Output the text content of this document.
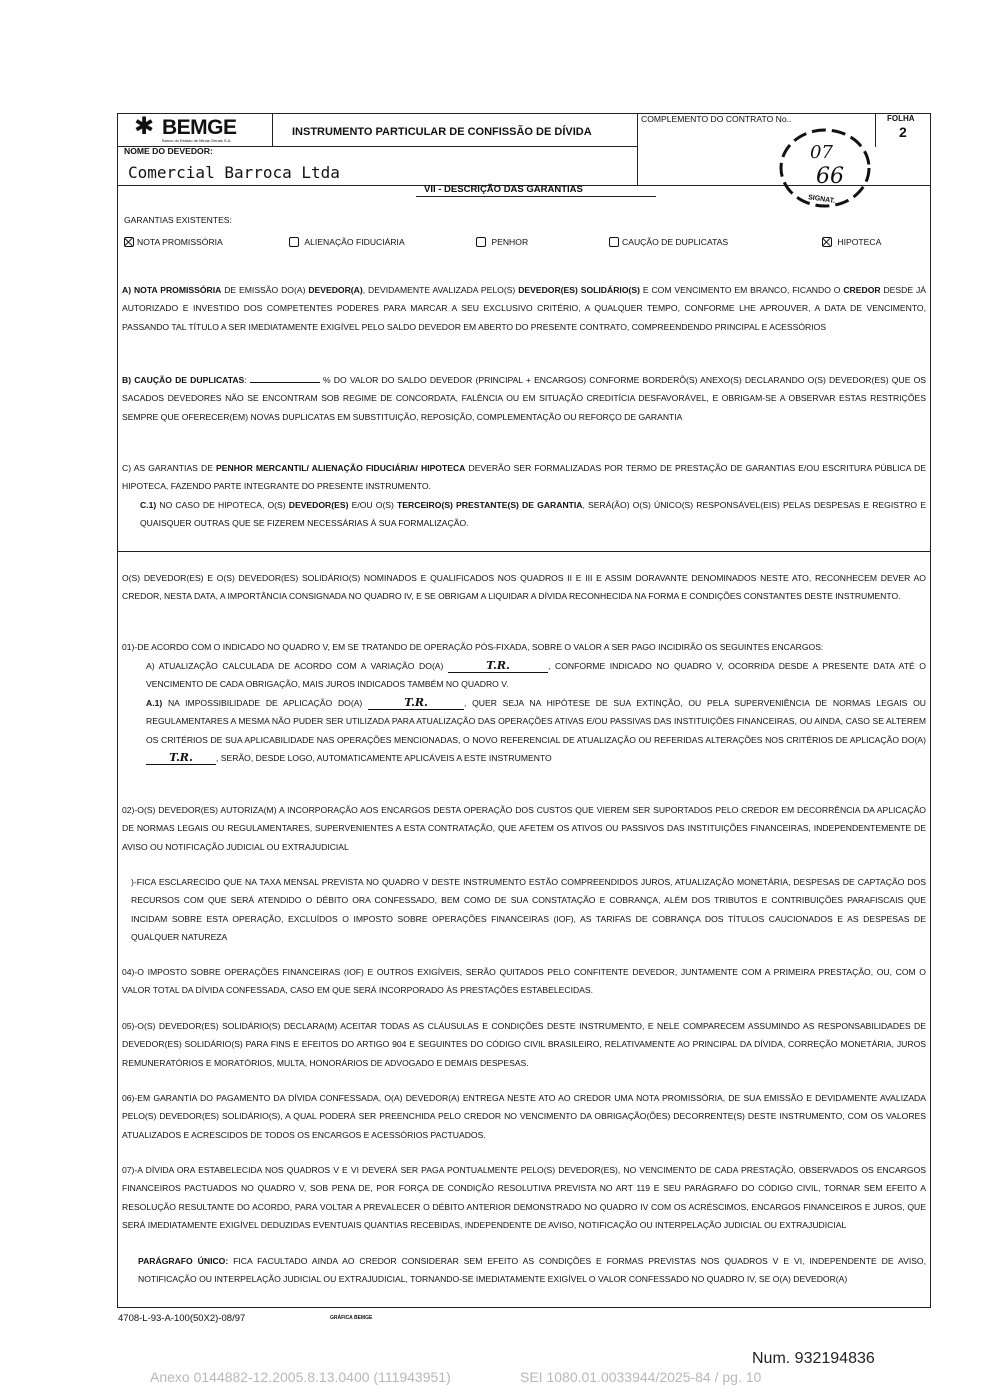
✱ BEMGE
Banco do Estado de Minas Gerais S.A.
INSTRUMENTO PARTICULAR DE CONFISSÃO DE DÍVIDA
COMPLEMENTO DO CONTRATO No..	FOLHA
2
07
66
SIGNAT.
NOME DO DEVEDOR:
Comercial Barroca Ltda
VII - DESCRIÇÃO DAS GARANTIAS
GARANTIAS EXISTENTES:
NOTA PROMISSÓRIA	ALIENAÇÃO FIDUCIÁRIA	PENHOR	CAUÇÃO DE DUPLICATAS	HIPOTECA
A) NOTA PROMISSÓRIA DE EMISSÃO DO(A) DEVEDOR(A), DEVIDAMENTE AVALIZADA PELO(S) DEVEDOR(ES) SOLIDÁRIO(S) E COM VENCIMENTO EM BRANCO, FICANDO O CREDOR DESDE JÁ AUTORIZADO E INVESTIDO DOS COMPETENTES PODERES PARA MARCAR A SEU EXCLUSIVO CRITÉRIO, A QUALQUER TEMPO, CONFORME LHE APROUVER, A DATA DE VENCIMENTO, PASSANDO TAL TÍTULO A SER IMEDIATAMENTE EXIGÍVEL PELO SALDO DEVEDOR EM ABERTO DO PRESENTE CONTRATO, COMPREENDENDO PRINCIPAL E ACESSÓRIOS
B) CAUÇÃO DE DUPLICATAS:	% DO VALOR DO SALDO DEVEDOR (PRINCIPAL + ENCARGOS) CONFORME BORDERÔ(S) ANEXO(S) DECLARANDO O(S) DEVEDOR(ES) QUE OS SACADOS DEVEDORES NÃO SE ENCONTRAM SOB REGIME DE CONCORDATA, FALÊNCIA OU EM SITUAÇÃO CREDITÍCIA DESFAVORÁVEL, E OBRIGAM-SE A OBSERVAR ESTAS RESTRIÇÕES SEMPRE QUE OFERECER(EM) NOVAS DUPLICATAS EM SUBSTITUIÇÃO, REPOSIÇÃO, COMPLEMENTAÇÃO OU REFORÇO DE GARANTIA
C) AS GARANTIAS DE PENHOR MERCANTIL/ ALIENAÇÃO FIDUCIÁRIA/ HIPOTECA DEVERÃO SER FORMALIZADAS POR TERMO DE PRESTAÇÃO DE GARANTIAS E/OU ESCRITURA PÚBLICA DE HIPOTECA, FAZENDO PARTE INTEGRANTE DO PRESENTE INSTRUMENTO.
C.1) NO CASO DE HIPOTECA, O(S) DEVEDOR(ES) E/OU O(S) TERCEIRO(S) PRESTANTE(S) DE GARANTIA, SERÁ(ÃO) O(S) ÚNICO(S) RESPONSÁVEL(EIS) PELAS DESPESAS E REGISTRO E QUAISQUER OUTRAS QUE SE FIZEREM NECESSÁRIAS À SUA FORMALIZAÇÃO.
O(S) DEVEDOR(ES) E O(S) DEVEDOR(ES) SOLIDÁRIO(S) NOMINADOS E QUALIFICADOS NOS QUADROS II E III E ASSIM DORAVANTE DENOMINADOS NESTE ATO, RECONHECEM DEVER AO CREDOR, NESTA DATA, A IMPORTÂNCIA CONSIGNADA NO QUADRO IV, E SE OBRIGAM A LIQUIDAR A DÍVIDA RECONHECIDA NA FORMA E CONDIÇÕES CONSTANTES DESTE INSTRUMENTO.
01)-DE ACORDO COM O INDICADO NO QUADRO V, EM SE TRATANDO DE OPERAÇÃO PÓS-FIXADA, SOBRE O VALOR A SER PAGO INCIDIRÃO OS SEGUINTES ENCARGOS:
A) ATUALIZAÇÃO CALCULADA DE ACORDO COM A VARIAÇÃO DO(A)	T.R.	, CONFORME INDICADO NO QUADRO V, OCORRIDA DESDE A PRESENTE DATA ATÉ O VENCIMENTO DE CADA OBRIGAÇÃO, MAIS JUROS INDICADOS TAMBÉM NO QUADRO V.
A.1) NA IMPOSSIBILIDADE DE APLICAÇÃO DO(A)	T.R.	, QUER SEJA NA HIPÓTESE DE SUA EXTINÇÃO, OU PELA SUPERVENIÊNCIA DE NORMAS LEGAIS OU REGULAMENTARES A MESMA NÃO PUDER SER UTILIZADA PARA ATUALIZAÇÃO DAS OPERAÇÕES ATIVAS E/OU PASSIVAS DAS INSTITUIÇÕES FINANCEIRAS, OU AINDA, CASO SE ALTEREM OS CRITÉRIOS DE SUA APLICABILIDADE NAS OPERAÇÕES MENCIONADAS, O NOVO REFERENCIAL DE ATUALIZAÇÃO OU REFERIDAS ALTERAÇÕES NOS CRITÉRIOS DE APLICAÇÃO DO(A) T.R.	, SERÃO, DESDE LOGO, AUTOMATICAMENTE APLICÁVEIS A ESTE INSTRUMENTO
02)-O(S) DEVEDOR(ES) AUTORIZA(M) A INCORPORAÇÃO AOS ENCARGOS DESTA OPERAÇÃO DOS CUSTOS QUE VIEREM SER SUPORTADOS PELO CREDOR EM DECORRÊNCIA DA APLICAÇÃO DE NORMAS LEGAIS OU REGULAMENTARES, SUPERVENIENTES A ESTA CONTRATAÇÃO, QUE AFETEM OS ATIVOS OU PASSIVOS DAS INSTITUIÇÕES FINANCEIRAS, INDEPENDENTEMENTE DE AVISO OU NOTIFICAÇÃO JUDICIAL OU EXTRAJUDICIAL
)-FICA ESCLARECIDO QUE NA TAXA MENSAL PREVISTA NO QUADRO V DESTE INSTRUMENTO ESTÃO COMPREENDIDOS JUROS, ATUALIZAÇÃO MONETÁRIA, DESPESAS DE CAPTAÇÃO DOS RECURSOS COM QUE SERÁ ATENDIDO O DÉBITO ORA CONFESSADO, BEM COMO DE SUA CONSTATAÇÃO E COBRANÇA, ALÉM DOS TRIBUTOS E CONTRIBUIÇÕES PARAFISCAIS QUE INCIDAM SOBRE ESTA OPERAÇÃO, EXCLUÍDOS O IMPOSTO SOBRE OPERAÇÕES FINANCEIRAS (IOF), AS TARIFAS DE COBRANÇA DOS TÍTULOS CAUCIONADOS E AS DESPESAS DE QUALQUER NATUREZA
04)-O IMPOSTO SOBRE OPERAÇÕES FINANCEIRAS (IOF) E OUTROS EXIGÍVEIS, SERÃO QUITADOS PELO CONFITENTE DEVEDOR, JUNTAMENTE COM A PRIMEIRA PRESTAÇÃO, OU, COM O VALOR TOTAL DA DÍVIDA CONFESSADA, CASO EM QUE SERÁ INCORPORADO ÀS PRESTAÇÕES ESTABELECIDAS.
05)-O(S) DEVEDOR(ES) SOLIDÁRIO(S) DECLARA(M) ACEITAR TODAS AS CLÁUSULAS E CONDIÇÕES DESTE INSTRUMENTO, E NELE COMPARECEM ASSUMINDO AS RESPONSABILIDADES DE DEVEDOR(ES) SOLIDÁRIO(S) PARA FINS E EFEITOS DO ARTIGO 904 E SEGUINTES DO CÓDIGO CIVIL BRASILEIRO, RELATIVAMENTE AO PRINCIPAL DA DÍVIDA, CORREÇÃO MONETÁRIA, JUROS REMUNERATÓRIOS E MORATÓRIOS, MULTA, HONORÁRIOS DE ADVOGADO E DEMAIS DESPESAS.
06)-EM GARANTIA DO PAGAMENTO DA DÍVIDA CONFESSADA, O(A) DEVEDOR(A) ENTREGA NESTE ATO AO CREDOR UMA NOTA PROMISSÓRIA, DE SUA EMISSÃO E DEVIDAMENTE AVALIZADA PELO(S) DEVEDOR(ES) SOLIDÁRIO(S), A QUAL PODERÁ SER PREENCHIDA PELO CREDOR NO VENCIMENTO DA OBRIGAÇÃO(ÕES) DECORRENTE(S) DESTE INSTRUMENTO, COM OS VALORES ATUALIZADOS E ACRESCIDOS DE TODOS OS ENCARGOS E ACESSÓRIOS PACTUADOS.
07)-A DÍVIDA ORA ESTABELECIDA NOS QUADROS V E VI DEVERÁ SER PAGA PONTUALMENTE PELO(S) DEVEDOR(ES), NO VENCIMENTO DE CADA PRESTAÇÃO, OBSERVADOS OS ENCARGOS FINANCEIROS PACTUADOS NO QUADRO V, SOB PENA DE, POR FORÇA DE CONDIÇÃO RESOLUTIVA PREVISTA NO ART 119 E SEU PARÁGRAFO DO CÓDIGO CIVIL, TORNAR SEM EFEITO A RESOLUÇÃO RESULTANTE DO ACORDO, PARA VOLTAR A PREVALECER O DÉBITO ANTERIOR DEMONSTRADO NO QUADRO IV COM OS ACRÉSCIMOS, ENCARGOS FINANCEIROS E JUROS, QUE SERÁ IMEDIATAMENTE EXIGÍVEL DEDUZIDAS EVENTUAIS QUANTIAS RECEBIDAS, INDEPENDENTE DE AVISO, NOTIFICAÇÃO OU INTERPELAÇÃO JUDICIAL OU EXTRAJUDICIAL
PARÁGRAFO ÚNICO: FICA FACULTADO AINDA AO CREDOR CONSIDERAR SEM EFEITO AS CONDIÇÕES E FORMAS PREVISTAS NOS QUADROS V E VI, INDEPENDENTE DE AVISO, NOTIFICAÇÃO OU INTERPELAÇÃO JUDICIAL OU EXTRAJUDICIAL, TORNANDO-SE IMEDIATAMENTE EXIGÍVEL O VALOR CONFESSADO NO QUADRO IV, SE O(A) DEVEDOR(A)
4708-L-93-A-100(50X2)-08/97	GRÁFICA BEMGE
Num. 932194836
Anexo 0144882-12.2005.8.13.0400 (111943951)	SEI 1080.01.0033944/2025-84 / pg. 10
